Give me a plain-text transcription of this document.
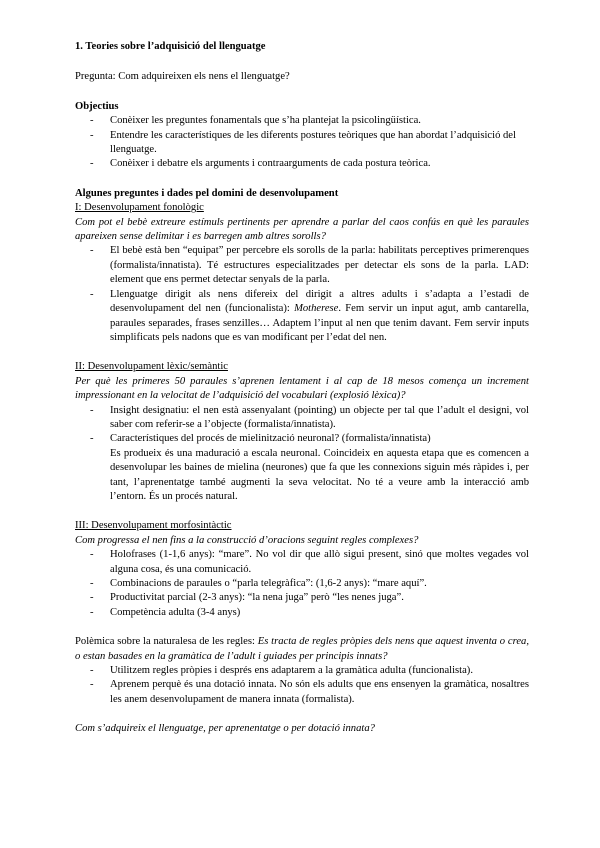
1. Teories sobre l’adquisició del llenguatge
Pregunta: Com adquireixen els nens el llenguatge?
Objectius
- Conèixer les preguntes fonamentals que s’ha plantejat la psicolingüística.
- Entendre les característiques de les diferents postures teòriques que han abordat l’adquisició del llenguatge.
- Conèixer i debatre els arguments i contraarguments de cada postura teòrica.
Algunes preguntes i dades pel domini de desenvolupament
I: Desenvolupament fonològic
Com pot el bebè extreure estímuls pertinents per aprendre a parlar del caos confús en què les paraules apareixen sense delimitar i es barregen amb altres sorolls?
- El bebè està ben “equipat” per percebre els sorolls de la parla: habilitats perceptives primerenques (formalista/innatista). Té estructures especialitzades per detectar els sons de la parla. LAD: element que ens permet detectar senyals de la parla.
- Llenguatge dirigit als nens difereix del dirigit a altres adults i s’adapta a l’estadi de desenvolupament del nen (funcionalista): Motherese. Fem servir un input agut, amb cantarella, paraules separades, frases senzilles… Adaptem l’input al nen que tenim davant. Fem servir inputs simplificats pels nadons que es van modificant per l’edat del nen.
II: Desenvolupament lèxic/semàntic
Per què les primeres 50 paraules s’aprenen lentament i al cap de 18 mesos comença un increment impressionant en la velocitat de l’adquisició del vocabulari (explosió lèxica)?
- Insight designatiu: el nen està assenyalant (pointing) un objecte per tal que l’adult el designi, vol saber com referir-se a l’objecte (formalista/innatista).
- Característiques del procés de mielinització neuronal? (formalista/innatista)
Es produeix és una maduració a escala neuronal. Coincideix en aquesta etapa que es comencen a desenvolupar les baines de mielina (neurones) que fa que les connexions siguin més ràpides i, per tant, l’aprenentatge també augmenti la seva velocitat. No té a veure amb la interacció amb l’entorn. És un procés natural.
III: Desenvolupament morfosintàctic
Com progressa el nen fins a la construcció d’oracions seguint regles complexes?
- Holofrases (1-1,6 anys): “mare”. No vol dir que allò sigui present, sinó que moltes vegades vol alguna cosa, és una comunicació.
- Combinacions de paraules o “parla telegràfica”: (1,6-2 anys): “mare aquí”.
- Productivitat parcial (2-3 anys): “la nena juga” però “les nenes juga”.
- Competència adulta (3-4 anys)
Polèmica sobre la naturalesa de les regles: Es tracta de regles pròpies dels nens que aquest inventa o crea, o estan basades en la gramàtica de l’adult i guiades per principis innats?
- Utilitzem regles pròpies i després ens adaptarem a la gramàtica adulta (funcionalista).
- Aprenem perquè és una dotació innata. No són els adults que ens ensenyen la gramàtica, nosaltres les anem desenvolupament de manera innata (formalista).
Com s’adquireix el llenguatge, per aprenentatge o per dotació innata?
